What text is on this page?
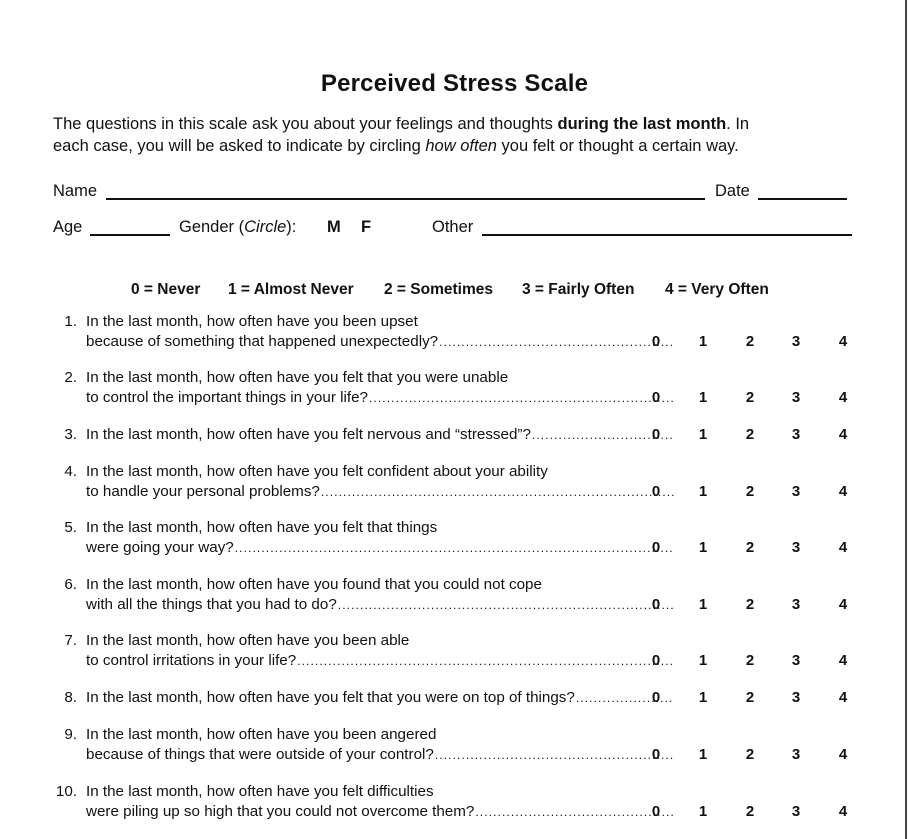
Perceived Stress Scale
The questions in this scale ask you about your feelings and thoughts during the last month. In
each case, you will be asked to indicate by circling how often you felt or thought a certain way.
Name	Date
Age	Gender (Circle): M F	Other
0 = Never 1 = Almost Never 2 = Sometimes 3 = Fairly Often 4 = Very Often
1. In the last month, how often have you been upset
because of something that happened unexpectedly? .....	0	1	2	3	4
2. In the last month, how often have you felt that you were unable
to control the important things in your life? .....	0	1	2	3	4
3. In the last month, how often have you felt nervous and “stressed”? .....	0	1	2	3	4
4. In the last month, how often have you felt confident about your ability
to handle your personal problems? .....	0	1	2	3	4
5. In the last month, how often have you felt that things
were going your way? .....	0	1	2	3	4
6. In the last month, how often have you found that you could not cope
with all the things that you had to do? .....	0	1	2	3	4
7. In the last month, how often have you been able
to control irritations in your life? .....	0	1	2	3	4
8. In the last month, how often have you felt that you were on top of things? .....	0	1	2	3	4
9. In the last month, how often have you been angered
because of things that were outside of your control? .....	0	1	2	3	4
10. In the last month, how often have you felt difficulties
were piling up so high that you could not overcome them? .....	0	1	2	3	4
